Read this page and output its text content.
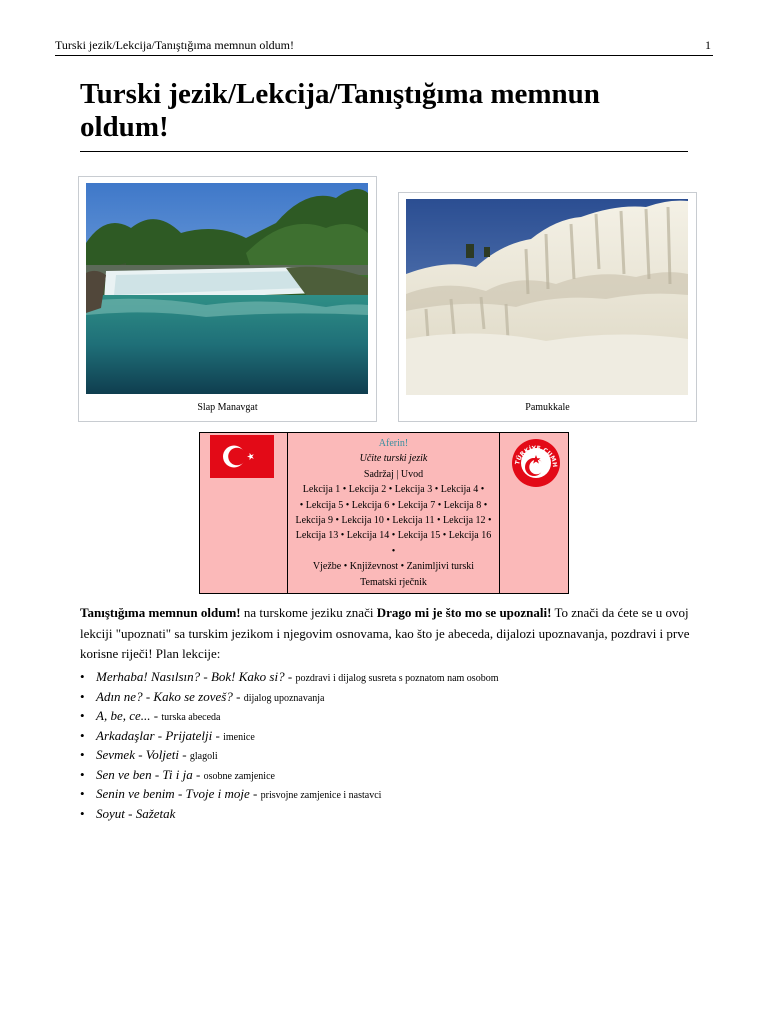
Turski jezik/Lekcija/Tanıştığıma memnun oldum!	1
Turski jezik/Lekcija/Tanıştığıma memnun oldum!
Slap Manavgat	Pamukkale
Aferin!
Učite turski jezik
Sadržaj | Uvod
Lekcija 1 • Lekcija 2 • Lekcija 3 • Lekcija 4 •
• Lekcija 5 • Lekcija 6 • Lekcija 7 • Lekcija 8 •
Lekcija 9 • Lekcija 10 • Lekcija 11 • Lekcija 12 •
Lekcija 13 • Lekcija 14 • Lekcija 15 • Lekcija 16
•
Vježbe • Književnost • Zanimljivi turski
Tematski rječnik
TÜRKİYE CUMH
Tanıştığıma memnun oldum! na turskome jeziku znači Drago mi je što mo se upoznali! To znači da ćete se u ovoj lekciji "upoznati" sa turskim jezikom i njegovim osnovama, kao što je abeceda, dijalozi upoznavanja, pozdravi i prve korisne riječi! Plan lekcije:
• Merhaba! Nasılsın? - Bok! Kako si? - pozdravi i dijalog susreta s poznatom nam osobom
• Adın ne? - Kako se zoveš? - dijalog upoznavanja
• A, be, ce... - turska abeceda
• Arkadaşlar - Prijatelji - imenice
• Sevmek - Voljeti - glagoli
• Sen ve ben - Ti i ja - osobne zamjenice
• Senin ve benim - Tvoje i moje - prisvojne zamjenice i nastavci
• Soyut - Sažetak
